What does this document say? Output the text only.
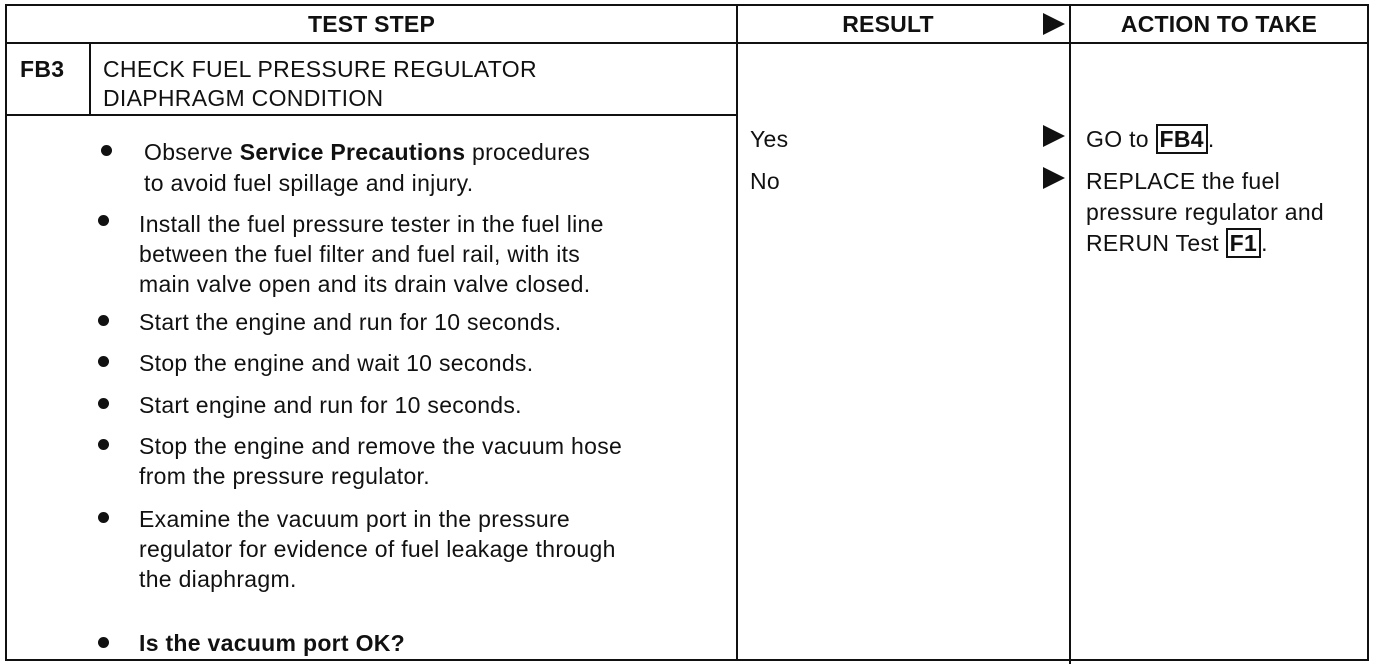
TEST STEP	RESULT	ACTION TO TAKE
FB3 CHECK FUEL PRESSURE REGULATOR
DIAPHRAGM CONDITION
Observe Service Precautions procedures
to avoid fuel spillage and injury.
Install the fuel pressure tester in the fuel line
between the fuel filter and fuel rail, with its
main valve open and its drain valve closed.
Start the engine and run for 10 seconds.
Stop the engine and wait 10 seconds.
Start engine and run for 10 seconds.
Stop the engine and remove the vacuum hose
from the pressure regulator.
Examine the vacuum port in the pressure
regulator for evidence of fuel leakage through
the diaphragm.
Is the vacuum port OK?
Yes
No
GO to FB4 .
REPLACE the fuel
pressure regulator and
RERUN Test F1 .
